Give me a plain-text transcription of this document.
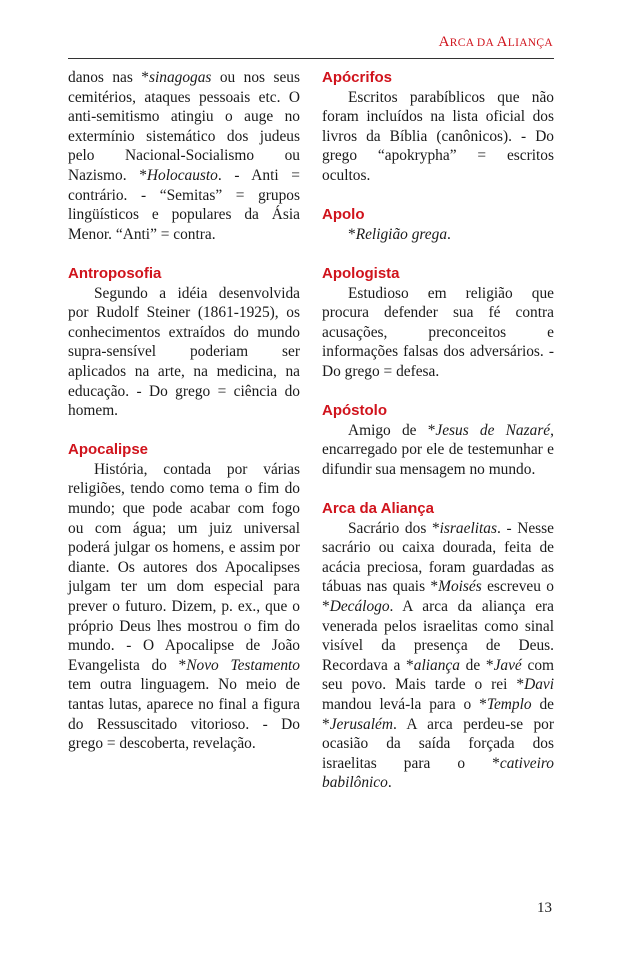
ARCA DA ALIANÇA

danos nas *sinagogas ou nos seus cemitérios, ataques pessoais etc. O anti-semitismo atingiu o auge no extermínio sistemático dos judeus pelo Nacional-Socialismo ou Nazismo. *Holocausto. - Anti = contrário. - “Semitas” = grupos lingüísticos e populares da Ásia Menor. “Anti” = contra.

Antroposofia

Segundo a idéia desenvolvida por Rudolf Steiner (1861-1925), os conhecimentos extraídos do mundo supra-sensível poderiam ser aplicados na arte, na medicina, na educação. - Do grego = ciência do homem.

Apocalipse

História, contada por várias religiões, tendo como tema o fim do mundo; que pode acabar com fogo ou com água; um juiz universal poderá julgar os homens, e assim por diante. Os autores dos Apocalipses julgam ter um dom especial para prever o futuro. Dizem, p. ex., que o próprio Deus lhes mostrou o fim do mundo. - O Apocalipse de João Evangelista do *Novo Testamento tem outra linguagem. No meio de tantas lutas, aparece no final a figura do Ressuscitado vitorioso. - Do grego = descoberta, revelação.

Apócrifos

Escritos parabíblicos que não foram incluídos na lista oficial dos livros da Bíblia (canônicos). - Do grego “apokrypha” = escritos ocultos.

Apolo

*Religião grega.

Apologista

Estudioso em religião que procura defender sua fé contra acusações, preconceitos e informações falsas dos adversários. - Do grego = defesa.

Apóstolo

Amigo de *Jesus de Nazaré, encarregado por ele de testemunhar e difundir sua mensagem no mundo.

Arca da Aliança

Sacrário dos *israelitas. - Nesse sacrário ou caixa dourada, feita de acácia preciosa, foram guardadas as tábuas nas quais *Moisés escreveu o *Decálogo. A arca da aliança era venerada pelos israelitas como sinal visível da presença de Deus. Recordava a *aliança de *Javé com seu povo. Mais tarde o rei *Davi mandou levá-la para o *Templo de *Jerusalém. A arca perdeu-se por ocasião da saída forçada dos israelitas para o *cativeiro babilônico.

13
